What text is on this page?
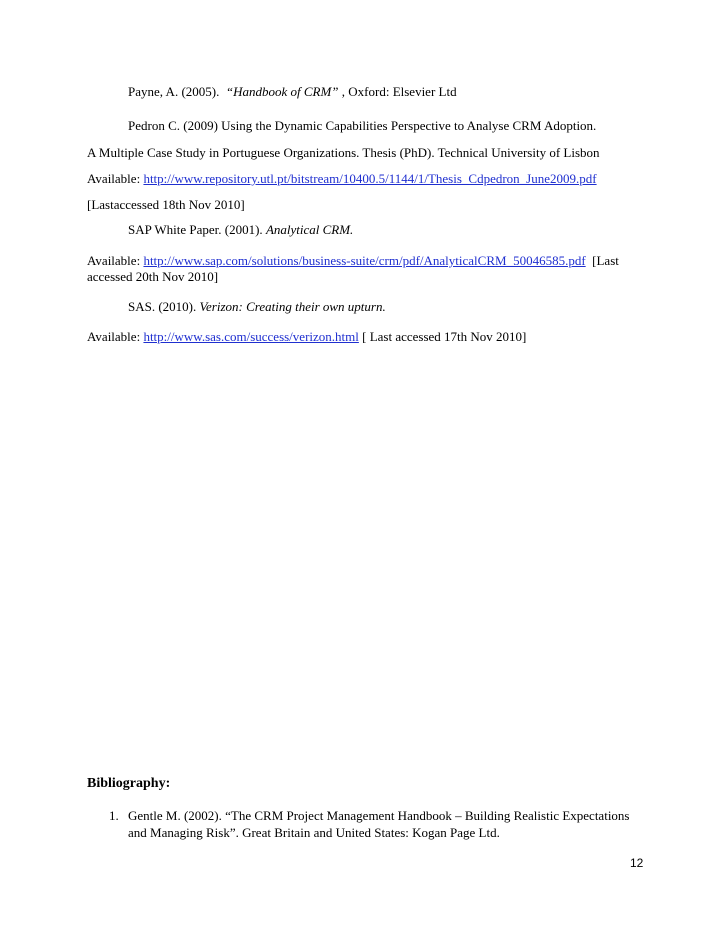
Payne, A. (2005). “Handbook of CRM” , Oxford: Elsevier Ltd

Pedron C. (2009) Using the Dynamic Capabilities Perspective to Analyse CRM Adoption.

A Multiple Case Study in Portuguese Organizations. Thesis (PhD). Technical University of Lisbon

Available: http://www.repository.utl.pt/bitstream/10400.5/1144/1/Thesis_Cdpedron_June2009.pdf

[Lastaccessed 18th Nov 2010]

SAP White Paper. (2001). Analytical CRM.

Available: http://www.sap.com/solutions/business-suite/crm/pdf/AnalyticalCRM_50046585.pdf [Last

accessed 20th Nov 2010]

SAS. (2010). Verizon: Creating their own upturn.

Available: http://www.sas.com/success/verizon.html [ Last accessed 17th Nov 2010]

Bibliography:

1. Gentle M. (2002). “The CRM Project Management Handbook – Building Realistic Expectations

and Managing Risk”. Great Britain and United States: Kogan Page Ltd.

12
